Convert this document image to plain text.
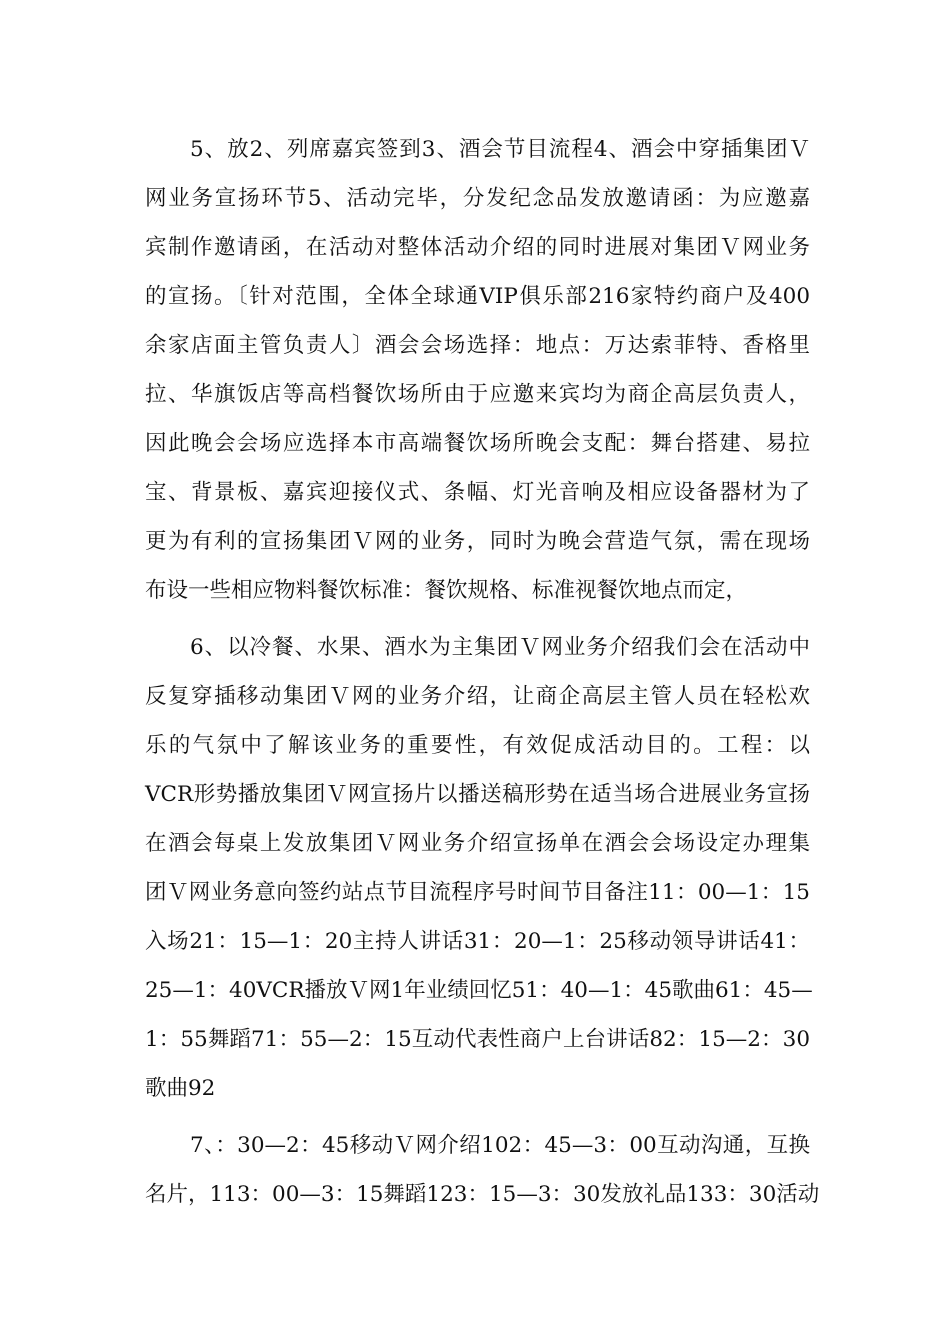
5、放2、列席嘉宾签到3、酒会节目流程4、酒会中穿插集团Ｖ
网业务宣扬环节5、活动完毕，分发纪念品发放邀请函：为应邀嘉
宾制作邀请函，在活动对整体活动介绍的同时进展对集团Ｖ网业务
的宣扬。〔针对范围，全体全球通VIP俱乐部216家特约商户及400
余家店面主管负责人〕酒会会场选择：地点：万达索菲特、香格里
拉、华旗饭店等高档餐饮场所由于应邀来宾均为商企高层负责人，
因此晚会会场应选择本市高端餐饮场所晚会支配：舞台搭建、易拉
宝、背景板、嘉宾迎接仪式、条幅、灯光音响及相应设备器材为了
更为有利的宣扬集团Ｖ网的业务，同时为晚会营造气氛，需在现场
布设一些相应物料餐饮标准：餐饮规格、标准视餐饮地点而定，
6、以冷餐、水果、酒水为主集团Ｖ网业务介绍我们会在活动中
反复穿插移动集团Ｖ网的业务介绍，让商企高层主管人员在轻松欢
乐的气氛中了解该业务的重要性，有效促成活动目的。工程：以
VCR形势播放集团Ｖ网宣扬片以播送稿形势在适当场合进展业务宣扬
在酒会每桌上发放集团Ｖ网业务介绍宣扬单在酒会会场设定办理集
团Ｖ网业务意向签约站点节目流程序号时间节目备注11：00—1：15
入场21：15—1：20主持人讲话31：20—1：25移动领导讲话41：
25—1：40VCR播放Ｖ网1年业绩回忆51：40—1：45歌曲61：45—
1：55舞蹈71：55—2：15互动代表性商户上台讲话82：15—2：30
歌曲92
7、：30—2：45移动Ｖ网介绍102：45—3：00互动沟通，互换
名片，113：00—3：15舞蹈123：15—3：30发放礼品133：30活动
